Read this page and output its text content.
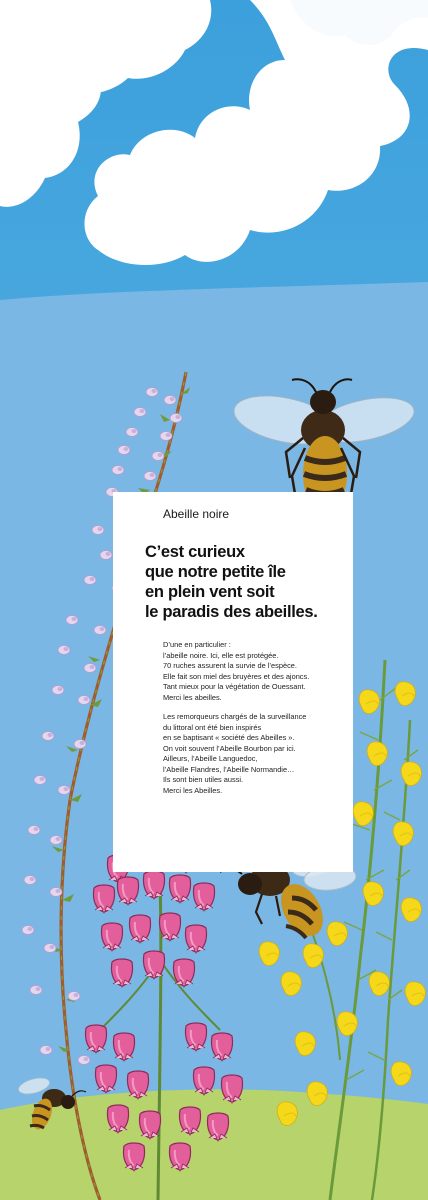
Abeille noire
C’est curieux
que notre petite île
en plein vent soit
le paradis des abeilles.
D’une en particulier :
l’abeille noire. Ici, elle est protégée.
70 ruches assurent la survie de l’espèce.
Elle fait son miel des bruyères et des ajoncs.
Tant mieux pour la végétation de Ouessant.
Merci les abeilles.
Les remorqueurs chargés de la surveillance
du littoral ont été bien inspirés
en se baptisant « société des Abeilles ».
On voit souvent l’Abeille Bourbon par ici.
Ailleurs, l’Abeille Languedoc,
l’Abeille Flandres, l’Abeille Normandie…
Ils sont bien utiles aussi.
Merci les Abeilles.
